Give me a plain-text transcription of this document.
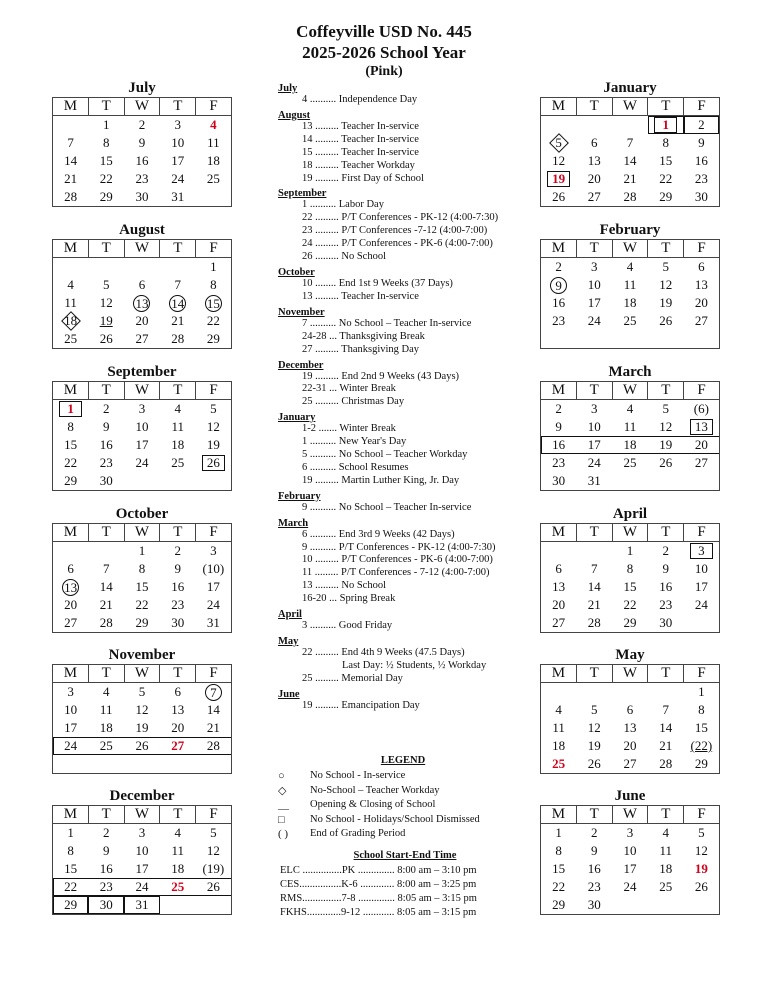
Coffeyville USD No. 445
2025-2026 School Year
(Pink)
July
M	T	W	T	F
	1	2	3	4
7	8	9	10	11
14	15	16	17	18
21	22	23	24	25
28	29	30	31	
August
M	T	W	T	F
				1
4	5	6	7	8
11	12	13	14	15
18	19	20	21	22
25	26	27	28	29
September
M	T	W	T	F
1	2	3	4	5
8	9	10	11	12
15	16	17	18	19
22	23	24	25	26
29	30			
October
M	T	W	T	F
		1	2	3
6	7	8	9	(10)
13	14	15	16	17
20	21	22	23	24
27	28	29	30	31
November
M	T	W	T	F
3	4	5	6	7
10	11	12	13	14
17	18	19	20	21
24	25	26	27	28

December
M	T	W	T	F
1	2	3	4	5
8	9	10	11	12
15	16	17	18	(19)
22	23	24	25	26
29	30	31		
January
M	T	W	T	F
			1	2
5	6	7	8	9
12	13	14	15	16
19	20	21	22	23
26	27	28	29	30
February
M	T	W	T	F
2	3	4	5	6
9	10	11	12	13
16	17	18	19	20
23	24	25	26	27

March
M	T	W	T	F
2	3	4	5	(6)
9	10	11	12	13
16	17	18	19	20
23	24	25	26	27
30	31			
April
M	T	W	T	F
		1	2	3
6	7	8	9	10
13	14	15	16	17
20	21	22	23	24
27	28	29	30	
May
M	T	W	T	F
				1
4	5	6	7	8
11	12	13	14	15
18	19	20	21	(22)
25	26	27	28	29
June
M	T	W	T	F
1	2	3	4	5
8	9	10	11	12
15	16	17	18	19
22	23	24	25	26
29	30			
July
4 .......... Independence Day
August
13 ......... Teacher In-service
14 ......... Teacher In-service
15 ......... Teacher In-service
18 ......... Teacher Workday
19 ......... First Day of School
September
1 .......... Labor Day
22 ......... P/T Conferences - PK-12 (4:00-7:30)
23 ......... P/T Conferences -7-12 (4:00-7:00)
24 ......... P/T Conferences - PK-6 (4:00-7:00)
26 ......... No School
October
10 ........ End 1st 9 Weeks (37 Days)
13 ......... Teacher In-service
November
7 .......... No School – Teacher In-service
24-28 ... Thanksgiving Break
27 ......... Thanksgiving Day
December
19 ......... End 2nd 9 Weeks (43 Days)
22-31 ... Winter Break
25 ......... Christmas Day
January
1-2 ....... Winter Break
1 .......... New Year's Day
5 .......... No School – Teacher Workday
6 .......... School Resumes
19 ......... Martin Luther King, Jr. Day
February
9 .......... No School – Teacher In-service
March
6 .......... End 3rd 9 Weeks (42 Days)
9 .......... P/T Conferences - PK-12 (4:00-7:30)
10 ......... P/T Conferences - PK-6 (4:00-7:00)
11 ......... P/T Conferences - 7-12 (4:00-7:00)
13 ......... No School
16-20 ... Spring Break
April
3 .......... Good Friday
May
22 ......... End 4th 9 Weeks (47.5 Days)
Last Day: ½ Students, ½ Workday
25 ......... Memorial Day
June
19 ......... Emancipation Day
LEGEND
○	No School - In-service
◇	No-School – Teacher Workday
__	Opening & Closing of School
□	No School - Holidays/School Dismissed
( )	End of Grading Period
School Start-End Time
ELC ...............PK .............. 8:00 am – 3:10 pm
CES................K-6 ............. 8:00 am – 3:25 pm
RMS...............7-8 .............. 8:05 am – 3:15 pm
FKHS.............9-12 ............ 8:05 am – 3:15 pm
